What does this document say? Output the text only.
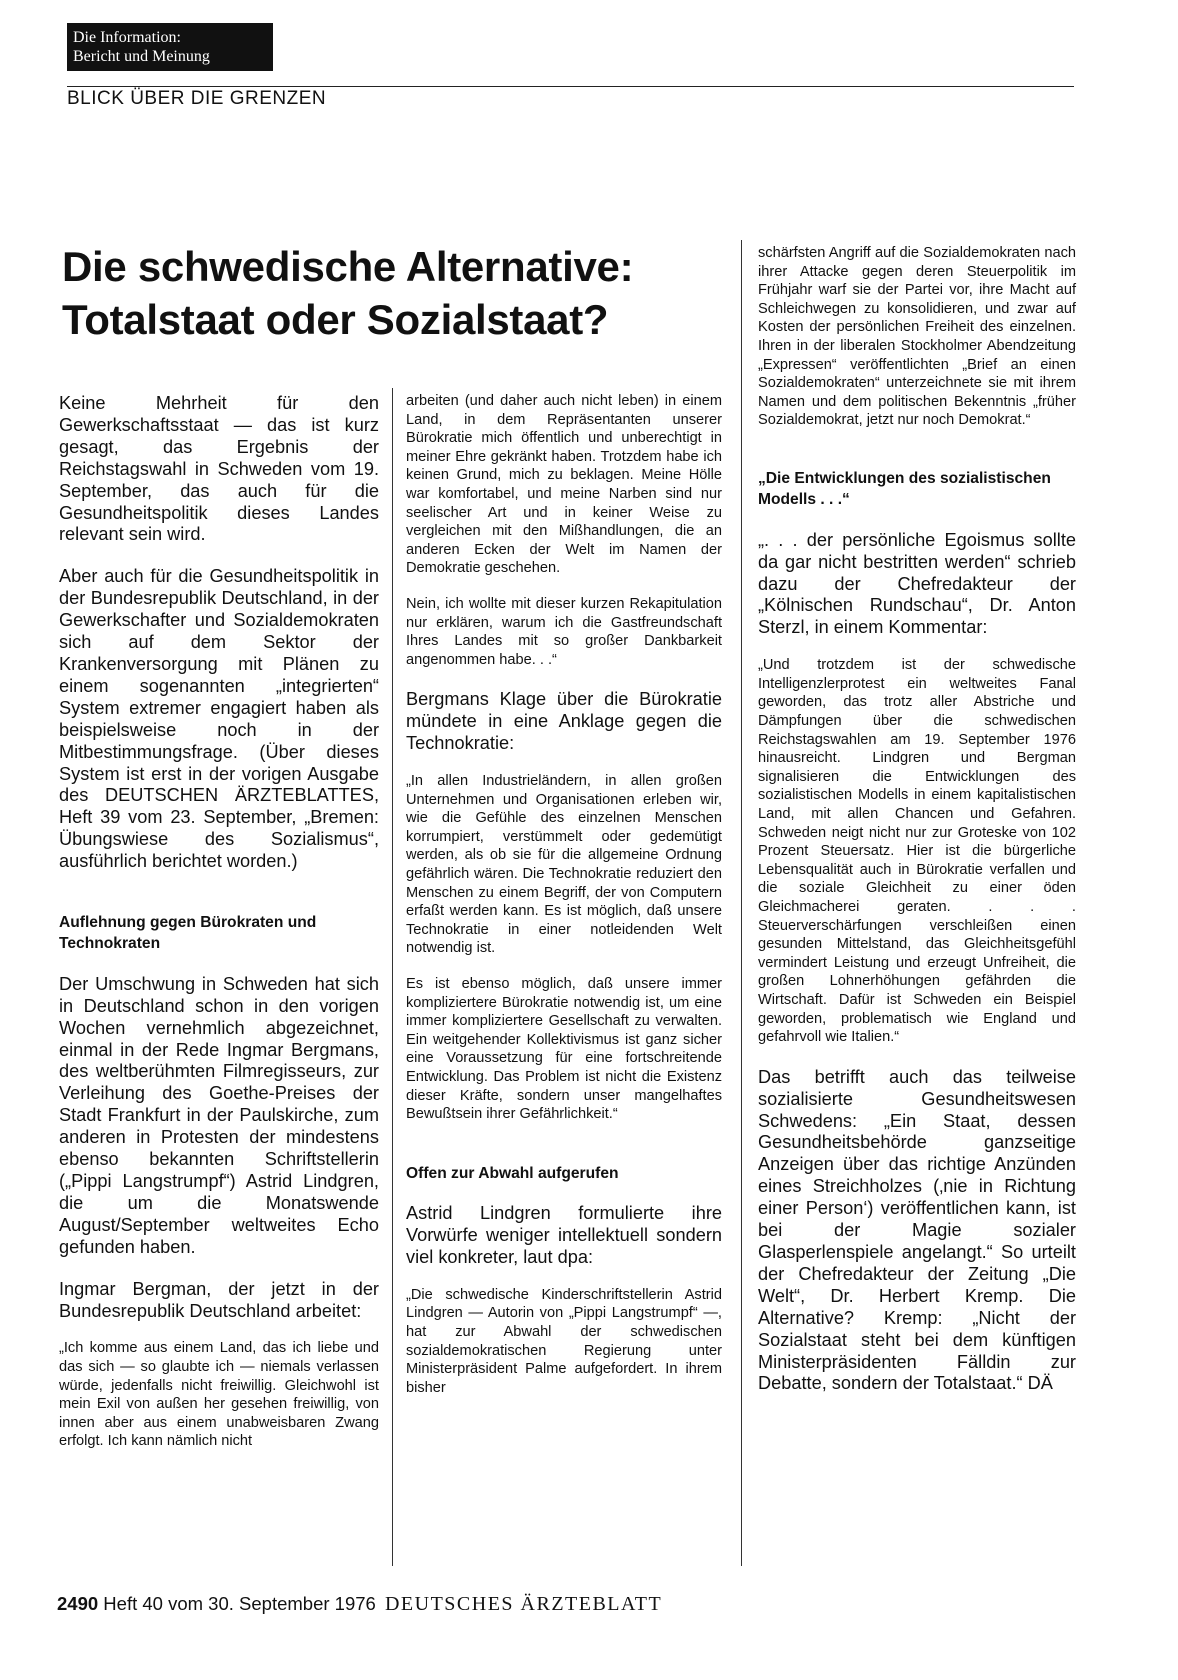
Die Information:
Bericht und Meinung
BLICK ÜBER DIE GRENZEN
Die schwedische Alternative:
Totalstaat oder Sozialstaat?

Keine Mehrheit für den Gewerkschaftsstaat — das ist kurz gesagt, das Ergebnis der Reichstagswahl in Schweden vom 19. September, das auch für die Gesundheitspolitik dieses Landes relevant sein wird.

Aber auch für die Gesundheitspolitik in der Bundesrepublik Deutschland, in der Gewerkschafter und Sozialdemokraten sich auf dem Sektor der Krankenversorgung mit Plänen zu einem sogenannten „integrierten“ System extremer engagiert haben als beispielsweise noch in der Mitbestimmungsfrage. (Über dieses System ist erst in der vorigen Ausgabe des DEUTSCHEN ÄRZTEBLATTES, Heft 39 vom 23. September, „Bremen: Übungswiese des Sozialismus“, ausführlich berichtet worden.)

Auflehnung gegen Bürokraten und Technokraten

Der Umschwung in Schweden hat sich in Deutschland schon in den vorigen Wochen vernehmlich abgezeichnet, einmal in der Rede Ingmar Bergmans, des weltberühmten Filmregisseurs, zur Verleihung des Goethe-Preises der Stadt Frankfurt in der Paulskirche, zum anderen in Protesten der mindestens ebenso bekannten Schriftstellerin („Pippi Langstrumpf“) Astrid Lindgren, die um die Monatswende August/September weltweites Echo gefunden haben.

Ingmar Bergman, der jetzt in der Bundesrepublik Deutschland arbeitet:

„Ich komme aus einem Land, das ich liebe und das sich — so glaubte ich — niemals verlassen würde, jedenfalls nicht freiwillig. Gleichwohl ist mein Exil von außen her gesehen freiwillig, von innen aber aus einem unabweisbaren Zwang erfolgt. Ich kann nämlich nicht

arbeiten (und daher auch nicht leben) in einem Land, in dem Repräsentanten unserer Bürokratie mich öffentlich und unberechtigt in meiner Ehre gekränkt haben. Trotzdem habe ich keinen Grund, mich zu beklagen. Meine Hölle war komfortabel, und meine Narben sind nur seelischer Art und in keiner Weise zu vergleichen mit den Mißhandlungen, die an anderen Ecken der Welt im Namen der Demokratie geschehen.

Nein, ich wollte mit dieser kurzen Rekapitulation nur erklären, warum ich die Gastfreundschaft Ihres Landes mit so großer Dankbarkeit angenommen habe. . .“

Bergmans Klage über die Bürokratie mündete in eine Anklage gegen die Technokratie:

„In allen Industrieländern, in allen großen Unternehmen und Organisationen erleben wir, wie die Gefühle des einzelnen Menschen korrumpiert, verstümmelt oder gedemütigt werden, als ob sie für die allgemeine Ordnung gefährlich wären. Die Technokratie reduziert den Menschen zu einem Begriff, der von Computern erfaßt werden kann. Es ist möglich, daß unsere Technokratie in einer notleidenden Welt notwendig ist.

Es ist ebenso möglich, daß unsere immer kompliziertere Bürokratie notwendig ist, um eine immer kompliziertere Gesellschaft zu verwalten. Ein weitgehender Kollektivismus ist ganz sicher eine Voraussetzung für eine fortschreitende Entwicklung. Das Problem ist nicht die Existenz dieser Kräfte, sondern unser mangelhaftes Bewußtsein ihrer Gefährlichkeit.“

Offen zur Abwahl aufgerufen

Astrid Lindgren formulierte ihre Vorwürfe weniger intellektuell sondern viel konkreter, laut dpa:

„Die schwedische Kinderschriftstellerin Astrid Lindgren — Autorin von „Pippi Langstrumpf“ —, hat zur Abwahl der schwedischen sozialdemokratischen Regierung unter Ministerpräsident Palme aufgefordert. In ihrem bisher

schärfsten Angriff auf die Sozialdemokraten nach ihrer Attacke gegen deren Steuerpolitik im Frühjahr warf sie der Partei vor, ihre Macht auf Schleichwegen zu konsolidieren, und zwar auf Kosten der persönlichen Freiheit des einzelnen. Ihren in der liberalen Stockholmer Abendzeitung „Expressen“ veröffentlichten „Brief an einen Sozialdemokraten“ unterzeichnete sie mit ihrem Namen und dem politischen Bekenntnis „früher Sozialdemokrat, jetzt nur noch Demokrat.“

„Die Entwicklungen des sozialistischen Modells . . .“

„. . . der persönliche Egoismus sollte da gar nicht bestritten werden“ schrieb dazu der Chefredakteur der „Kölnischen Rundschau“, Dr. Anton Sterzl, in einem Kommentar:

„Und trotzdem ist der schwedische Intelligenzlerprotest ein weltweites Fanal geworden, das trotz aller Abstriche und Dämpfungen über die schwedischen Reichstagswahlen am 19. September 1976 hinausreicht. Lindgren und Bergman signalisieren die Entwicklungen des sozialistischen Modells in einem kapitalistischen Land, mit allen Chancen und Gefahren. Schweden neigt nicht nur zur Groteske von 102 Prozent Steuersatz. Hier ist die bürgerliche Lebensqualität auch in Bürokratie verfallen und die soziale Gleichheit zu einer öden Gleichmacherei geraten. . . . Steuerverschärfungen verschleißen einen gesunden Mittelstand, das Gleichheitsgefühl vermindert Leistung und erzeugt Unfreiheit, die großen Lohnerhöhungen gefährden die Wirtschaft. Dafür ist Schweden ein Beispiel geworden, problematisch wie England und gefahrvoll wie Italien.“

Das betrifft auch das teilweise sozialisierte Gesundheitswesen Schwedens: „Ein Staat, dessen Gesundheitsbehörde ganzseitige Anzeigen über das richtige Anzünden eines Streichholzes (‚nie in Richtung einer Person‘) veröffentlichen kann, ist bei der Magie sozialer Glasperlenspiele angelangt.“ So urteilt der Chefredakteur der Zeitung „Die Welt“, Dr. Herbert Kremp. Die Alternative? Kremp: „Nicht der Sozialstaat steht bei dem künftigen Ministerpräsidenten Fälldin zur Debatte, sondern der Totalstaat.“ DÄ

2490 Heft 40 vom 30. September 1976 DEUTSCHES ÄRZTEBLATT
